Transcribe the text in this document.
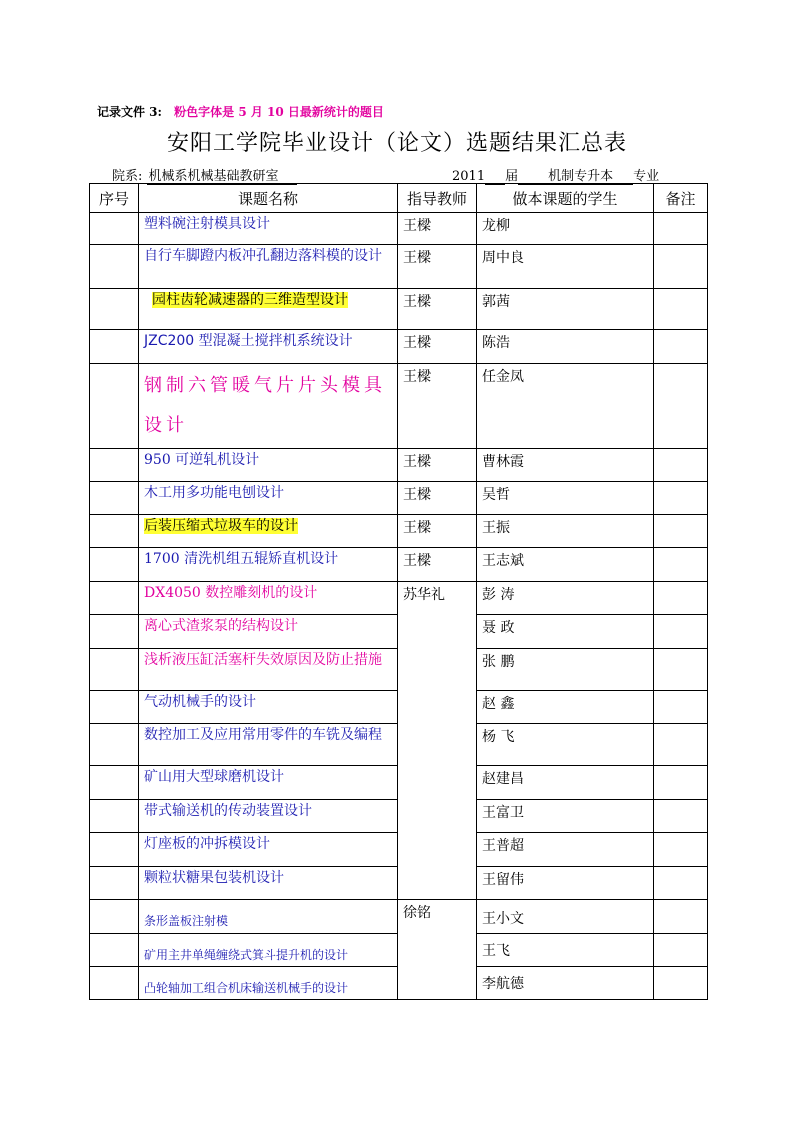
记录文件 3: 粉色字体是 5 月 10 日最新统计的题目
安阳工学院毕业设计（论文）选题结果汇总表
院系: 机械系机械基础教研室	2011 届 机制专升本 专业
序号	课题名称	指导教师	做本课题的学生	备注
	塑料碗注射模具设计	王樑	龙柳	
	自行车脚蹬内板冲孔翻边落料模的设计	王樑	周中良	
	园柱齿轮减速器的三维造型设计	王樑	郭茜	
	JZC200 型混凝土搅拌机系统设计	王樑	陈浩	
	钢制六管暖气片片头模具设计	王樑	任金凤	
	950 可逆轧机设计	王樑	曹林霞	
	木工用多功能电刨设计	王樑	吴哲	
	后装压缩式垃圾车的设计	王樑	王振	
	1700 清洗机组五辊矫直机设计	王樑	王志斌	
	DX4050 数控雕刻机的设计	苏华礼	彭 涛	
	离心式渣浆泵的结构设计		聂 政	
	浅析液压缸活塞杆失效原因及防止措施		张 鹏	
	气动机械手的设计		赵 鑫	
	数控加工及应用常用零件的车铣及编程		杨 飞	
	矿山用大型球磨机设计		赵建昌	
	带式输送机的传动装置设计		王富卫	
	灯座板的冲拆模设计		王普超	
	颗粒状糖果包装机设计		王留伟	
	条形盖板注射模	徐铭	王小文	
	矿用主井单绳缠绕式箕斗提升机的设计		王飞	
	凸轮轴加工组合机床输送机械手的设计		李航德	
